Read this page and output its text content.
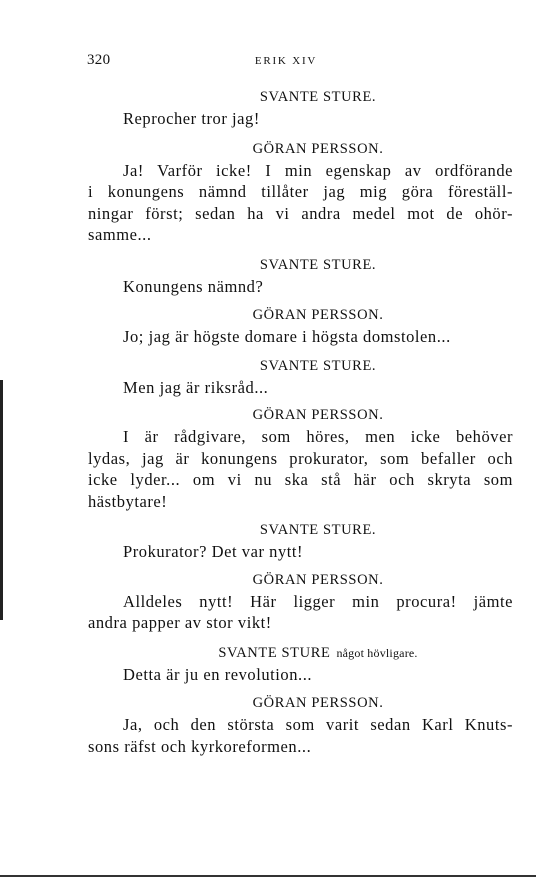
320	ERIK XIV
SVANTE STURE.
Reprocher tror jag!
GÖRAN PERSSON.
Ja! Varför icke! I min egenskap av ordförande
i konungens nämnd tillåter jag mig göra föreställ-
ningar först; sedan ha vi andra medel mot de ohör-
samme...
SVANTE STURE.
Konungens nämnd?
GÖRAN PERSSON.
Jo; jag är högste domare i högsta domstolen...
SVANTE STURE.
Men jag är riksråd...
GÖRAN PERSSON.
I är rådgivare, som höres, men icke behöver
lydas, jag är konungens prokurator, som befaller och
icke lyder... om vi nu ska stå här och skryta som
hästbytare!
SVANTE STURE.
Prokurator? Det var nytt!
GÖRAN PERSSON.
Alldeles nytt! Här ligger min procura! jämte
andra papper av stor vikt!
SVANTE STURE något hövligare.
Detta är ju en revolution...
GÖRAN PERSSON.
Ja, och den största som varit sedan Karl Knuts-
sons räfst och kyrkoreformen...
